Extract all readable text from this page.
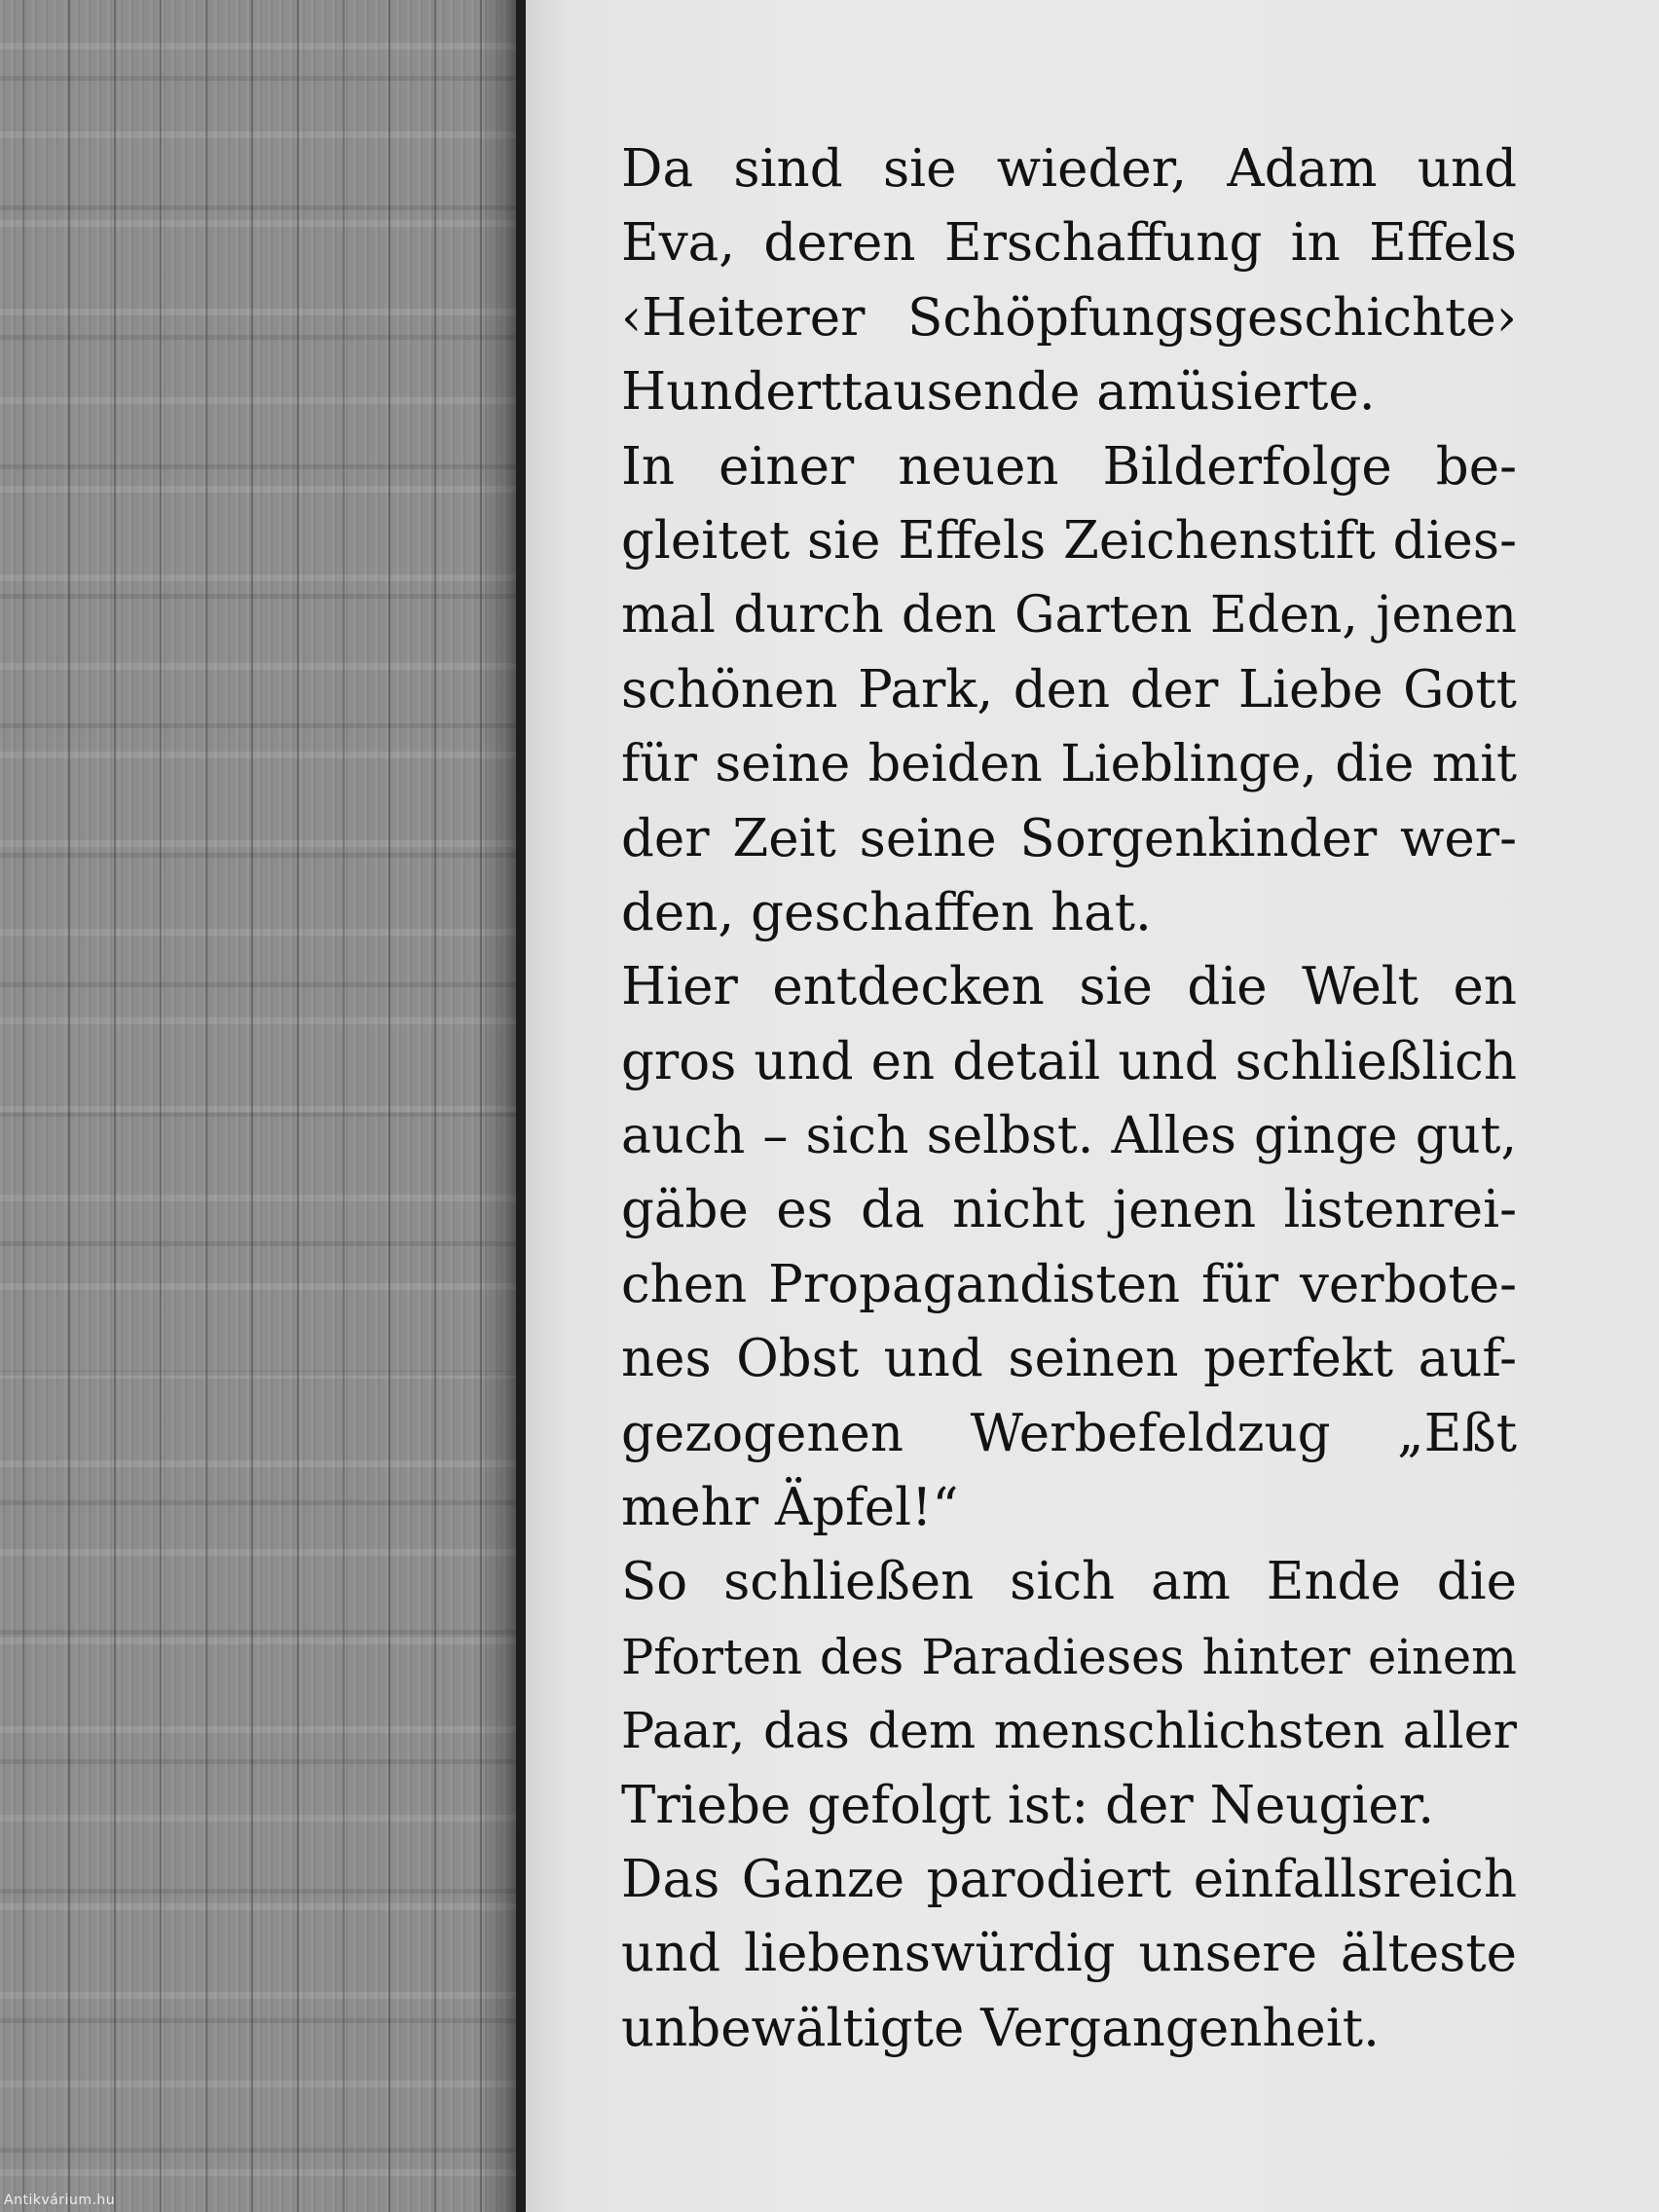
Da sind sie wieder, Adam und
Eva, deren Erschaffung in Effels
‹Heiterer Schöpfungsgeschichte›
Hunderttausende amüsierte.
In einer neuen Bilderfolge be-
gleitet sie Effels Zeichenstift dies-
mal durch den Garten Eden, jenen
schönen Park, den der Liebe Gott
für seine beiden Lieblinge, die mit
der Zeit seine Sorgenkinder wer-
den, geschaffen hat.
Hier entdecken sie die Welt en
gros und en detail und schließlich
auch – sich selbst. Alles ginge gut,
gäbe es da nicht jenen listenrei-
chen Propagandisten für verbote-
nes Obst und seinen perfekt auf-
gezogenen Werbefeldzug „Eßt
mehr Äpfel!“
So schließen sich am Ende die
Pforten des Paradieses hinter einem
Paar, das dem menschlichsten aller
Triebe gefolgt ist: der Neugier.
Das Ganze parodiert einfallsreich
und liebenswürdig unsere älteste
unbewältigte Vergangenheit.
Antikvárium.hu
